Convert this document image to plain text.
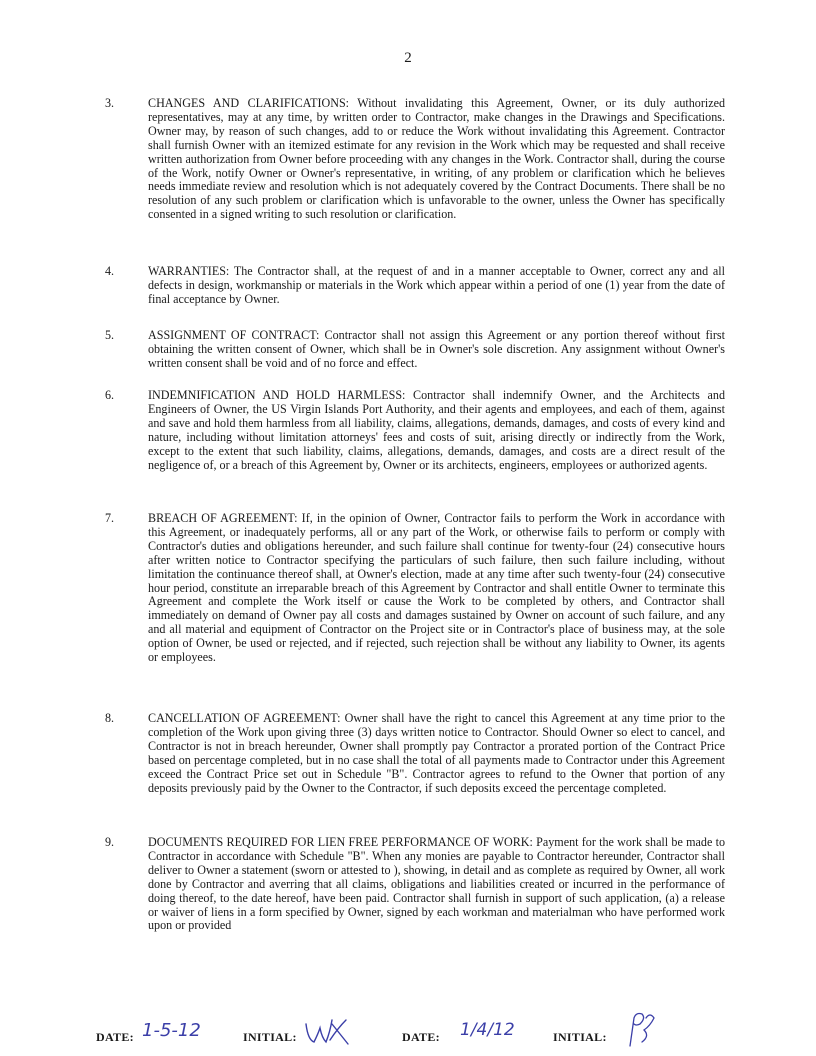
2
3.	CHANGES AND CLARIFICATIONS: Without invalidating this Agreement, Owner, or its duly authorized representatives, may at any time, by written order to Contractor, make changes in the Drawings and Specifications. Owner may, by reason of such changes, add to or reduce the Work without invalidating this Agreement. Contractor shall furnish Owner with an itemized estimate for any revision in the Work which may be requested and shall receive written authorization from Owner before proceeding with any changes in the Work. Contractor shall, during the course of the Work, notify Owner or Owner's representative, in writing, of any problem or clarification which he believes needs immediate review and resolution which is not adequately covered by the Contract Documents. There shall be no resolution of any such problem or clarification which is unfavorable to the owner, unless the Owner has specifically consented in a signed writing to such resolution or clarification.
4.	WARRANTIES: The Contractor shall, at the request of and in a manner acceptable to Owner, correct any and all defects in design, workmanship or materials in the Work which appear within a period of one (1) year from the date of final acceptance by Owner.
5.	ASSIGNMENT OF CONTRACT: Contractor shall not assign this Agreement or any portion thereof without first obtaining the written consent of Owner, which shall be in Owner's sole discretion. Any assignment without Owner's written consent shall be void and of no force and effect.
6.	INDEMNIFICATION AND HOLD HARMLESS: Contractor shall indemnify Owner, and the Architects and Engineers of Owner, the US Virgin Islands Port Authority, and their agents and employees, and each of them, against and save and hold them harmless from all liability, claims, allegations, demands, damages, and costs of every kind and nature, including without limitation attorneys' fees and costs of suit, arising directly or indirectly from the Work, except to the extent that such liability, claims, allegations, demands, damages, and costs are a direct result of the negligence of, or a breach of this Agreement by, Owner or its architects, engineers, employees or authorized agents.
7.	BREACH OF AGREEMENT: If, in the opinion of Owner, Contractor fails to perform the Work in accordance with this Agreement, or inadequately performs, all or any part of the Work, or otherwise fails to perform or comply with Contractor's duties and obligations hereunder, and such failure shall continue for twenty-four (24) consecutive hours after written notice to Contractor specifying the particulars of such failure, then such failure including, without limitation the continuance thereof shall, at Owner's election, made at any time after such twenty-four (24) consecutive hour period, constitute an irreparable breach of this Agreement by Contractor and shall entitle Owner to terminate this Agreement and complete the Work itself or cause the Work to be completed by others, and Contractor shall immediately on demand of Owner pay all costs and damages sustained by Owner on account of such failure, and any and all material and equipment of Contractor on the Project site or in Contractor's place of business may, at the sole option of Owner, be used or rejected, and if rejected, such rejection shall be without any liability to Owner, its agents or employees.
8.	CANCELLATION OF AGREEMENT: Owner shall have the right to cancel this Agreement at any time prior to the completion of the Work upon giving three (3) days written notice to Contractor. Should Owner so elect to cancel, and Contractor is not in breach hereunder, Owner shall promptly pay Contractor a prorated portion of the Contract Price based on percentage completed, but in no case shall the total of all payments made to Contractor under this Agreement exceed the Contract Price set out in Schedule "B". Contractor agrees to refund to the Owner that portion of any deposits previously paid by the Owner to the Contractor, if such deposits exceed the percentage completed.
9.	DOCUMENTS REQUIRED FOR LIEN FREE PERFORMANCE OF WORK: Payment for the work shall be made to Contractor in accordance with Schedule "B". When any monies are payable to Contractor hereunder, Contractor shall deliver to Owner a statement (sworn or attested to ), showing, in detail and as complete as required by Owner, all work done by Contractor and averring that all claims, obligations and liabilities created or incurred in the performance of doing thereof, to the date hereof, have been paid. Contractor shall furnish in support of such application, (a) a release or waiver of liens in a form specified by Owner, signed by each workman and materialman who have performed work upon or provided
DATE: 1-5-12	INITIAL:	DATE: 1/4/12	INITIAL:
